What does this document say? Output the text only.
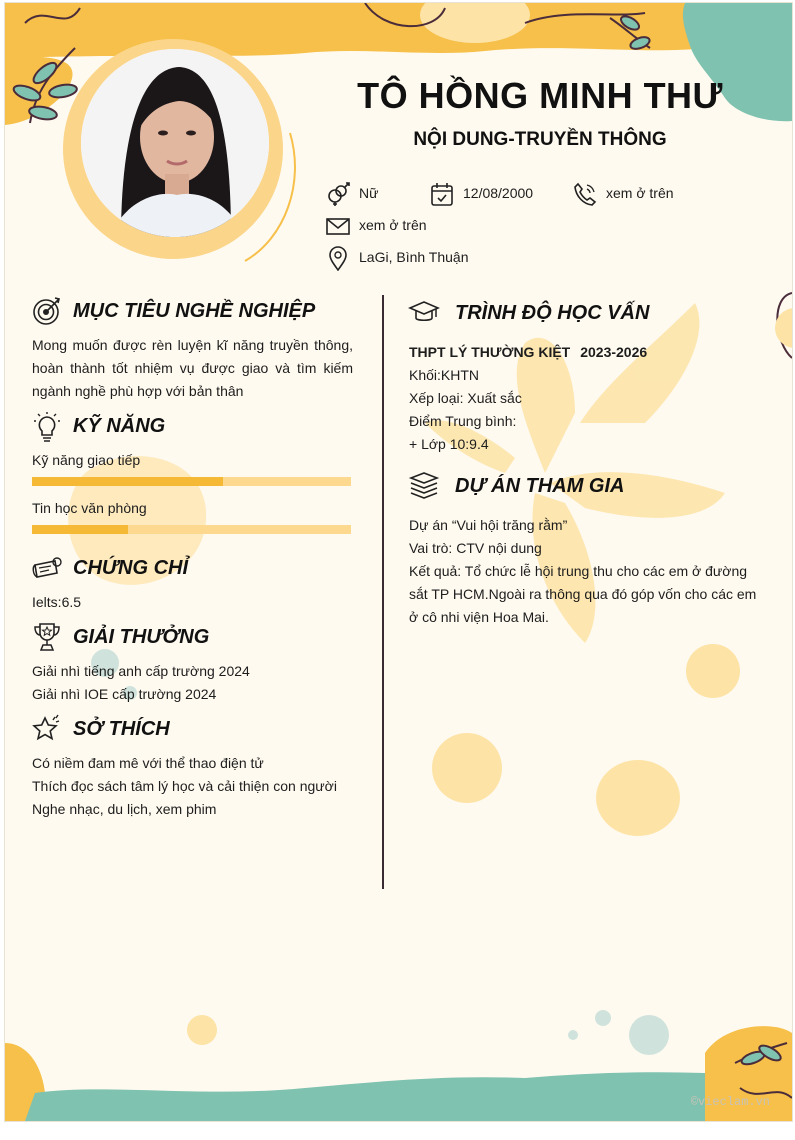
TÔ HỒNG MINH THƯ
NỘI DUNG-TRUYỀN THÔNG
Nữ	12/08/2000	xem ở trên
xem ở trên
LaGi, Bình Thuận
MỤC TIÊU NGHỀ NGHIỆP
Mong muốn được rèn luyện kĩ năng truyền thông, hoàn thành tốt nhiệm vụ được giao và tìm kiếm ngành nghề phù hợp với bản thân
KỸ NĂNG
Kỹ năng giao tiếp
Tin học văn phòng
CHỨNG CHỈ
Ielts:6.5
GIẢI THƯỞNG
Giải nhì tiếng anh cấp trường 2024
Giải nhì IOE cấp trường 2024
SỞ THÍCH
Có niềm đam mê với thể thao điện tử
Thích đọc sách tâm lý học và cải thiện con người
Nghe nhạc, du lịch, xem phim
TRÌNH ĐỘ HỌC VẤN
THPT LÝ THƯỜNG KIỆT 2023-2026
Khối:KHTN
Xếp loại: Xuất sắc
Điểm Trung bình:
+ Lớp 10:9.4
DỰ ÁN THAM GIA
Dự án “Vui hội trăng rằm”
Vai trò: CTV nội dung
Kết quả: Tổ chức lễ hội trung thu cho các em ở đường sắt TP HCM.Ngoài ra thông qua đó góp vốn cho các em ở cô nhi viện Hoa Mai.
©vieclam.vn
